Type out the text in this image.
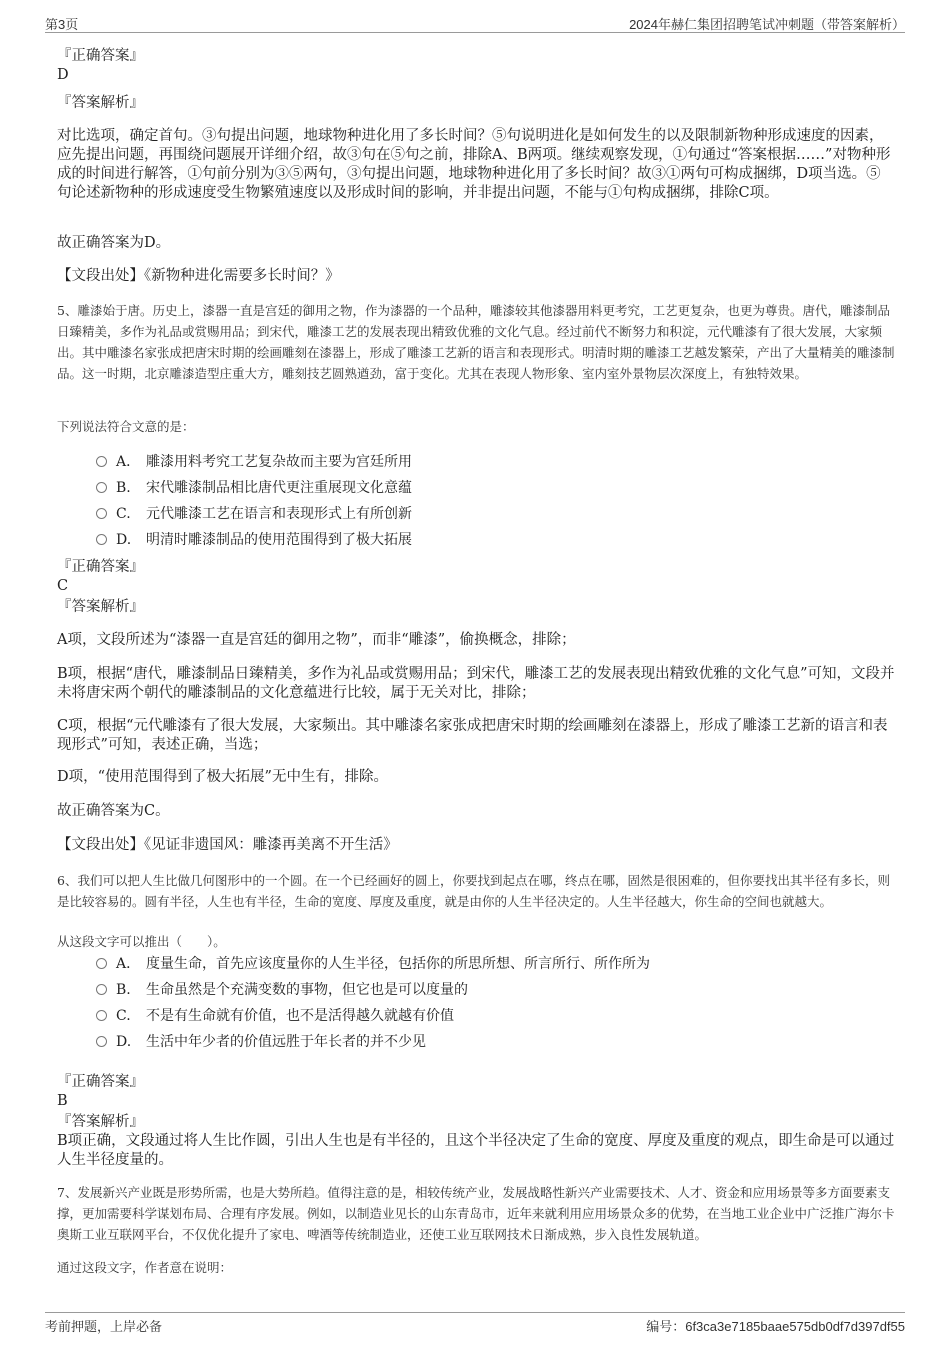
第3页	2024年赫仁集团招聘笔试冲刺题（带答案解析）
『正确答案』
D
『答案解析』
对比选项，确定首句。③句提出问题，地球物种进化用了多长时间？⑤句说明进化是如何发生的以及限制新物种形成速度的因素，应先提出问题，再围绕问题展开详细介绍，故③句在⑤句之前，排除A、B两项。继续观察发现，①句通过“答案根据……”对物种形成的时间进行解答，①句前分别为③⑤两句，③句提出问题，地球物种进化用了多长时间？故③①两句可构成捆绑，D项当选。⑤句论述新物种的形成速度受生物繁殖速度以及形成时间的影响，并非提出问题，不能与①句构成捆绑，排除C项。
故正确答案为D。
【文段出处】《新物种进化需要多长时间？》
5、雕漆始于唐。历史上，漆器一直是宫廷的御用之物，作为漆器的一个品种，雕漆较其他漆器用料更考究，工艺更复杂，也更为尊贵。唐代，雕漆制品日臻精美，多作为礼品或赏赐用品；到宋代，雕漆工艺的发展表现出精致优雅的文化气息。经过前代不断努力和积淀，元代雕漆有了很大发展，大家频出。其中雕漆名家张成把唐宋时期的绘画雕刻在漆器上，形成了雕漆工艺新的语言和表现形式。明清时期的雕漆工艺越发繁荣，产出了大量精美的雕漆制品。这一时期，北京雕漆造型庄重大方，雕刻技艺圆熟遒劲，富于变化。尤其在表现人物形象、室内室外景物层次深度上，有独特效果。
下列说法符合文意的是：
A． 雕漆用料考究工艺复杂故而主要为宫廷所用
B. 宋代雕漆制品相比唐代更注重展现文化意蕴
C. 元代雕漆工艺在语言和表现形式上有所创新
D. 明清时雕漆制品的使用范围得到了极大拓展
『正确答案』
C
『答案解析』
A项，文段所述为“漆器一直是宫廷的御用之物”，而非“雕漆”，偷换概念，排除；
B项，根据“唐代，雕漆制品日臻精美，多作为礼品或赏赐用品；到宋代，雕漆工艺的发展表现出精致优雅的文化气息”可知，文段并未将唐宋两个朝代的雕漆制品的文化意蕴进行比较，属于无关对比，排除；
C项，根据“元代雕漆有了很大发展，大家频出。其中雕漆名家张成把唐宋时期的绘画雕刻在漆器上，形成了雕漆工艺新的语言和表现形式”可知，表述正确，当选；
D项，“使用范围得到了极大拓展”无中生有，排除。
故正确答案为C。
【文段出处】《见证非遗国风：雕漆再美离不开生活》
6、我们可以把人生比做几何图形中的一个圆。在一个已经画好的圆上，你要找到起点在哪，终点在哪，固然是很困难的，但你要找出其半径有多长，则是比较容易的。圆有半径，人生也有半径，生命的宽度、厚度及重度，就是由你的人生半径决定的。人生半径越大，你生命的空间也就越大。
从这段文字可以推出（　　）。
A． 度量生命，首先应该度量你的人生半径，包括你的所思所想、所言所行、所作所为
B. 生命虽然是个充满变数的事物，但它也是可以度量的
C. 不是有生命就有价值，也不是活得越久就越有价值
D. 生活中年少者的价值远胜于年长者的并不少见
『正确答案』
B
『答案解析』
B项正确，文段通过将人生比作圆，引出人生也是有半径的，且这个半径决定了生命的宽度、厚度及重度的观点，即生命是可以通过人生半径度量的。
7、发展新兴产业既是形势所需，也是大势所趋。值得注意的是，相较传统产业，发展战略性新兴产业需要技术、人才、资金和应用场景等多方面要素支撑，更加需要科学谋划布局、合理有序发展。例如，以制造业见长的山东青岛市，近年来就利用应用场景众多的优势，在当地工业企业中广泛推广海尔卡奥斯工业互联网平台，不仅优化提升了家电、啤酒等传统制造业，还使工业互联网技术日渐成熟，步入良性发展轨道。
通过这段文字，作者意在说明：
考前押题，上岸必备	编号：6f3ca3e7185baae575db0df7d397df55
